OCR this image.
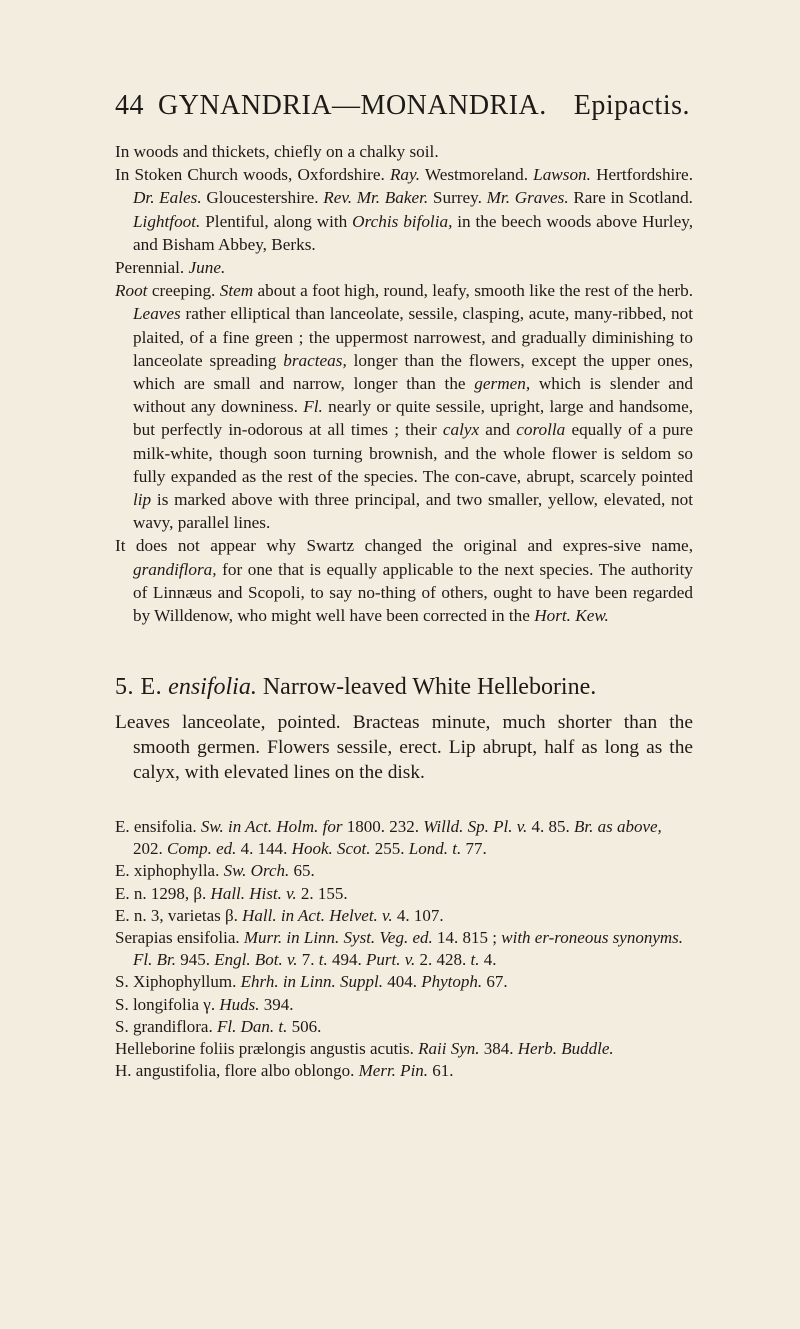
44 GYNANDRIA—MONANDRIA. Epipactis.

In woods and thickets, chiefly on a chalky soil.

In Stoken Church woods, Oxfordshire. Ray. Westmoreland. Lawson. Hertfordshire. Dr. Eales. Gloucestershire. Rev. Mr. Baker. Surrey. Mr. Graves. Rare in Scotland. Lightfoot. Plentiful, along with Orchis bifolia, in the beech woods above Hurley, and Bisham Abbey, Berks.

Perennial. June.

Root creeping. Stem about a foot high, round, leafy, smooth like the rest of the herb. Leaves rather elliptical than lanceolate, sessile, clasping, acute, many-ribbed, not plaited, of a fine green ; the uppermost narrowest, and gradually diminishing to lanceolate spreading bracteas, longer than the flowers, except the upper ones, which are small and narrow, longer than the germen, which is slender and without any downiness. Fl. nearly or quite sessile, upright, large and handsome, but perfectly in-odorous at all times ; their calyx and corolla equally of a pure milk-white, though soon turning brownish, and the whole flower is seldom so fully expanded as the rest of the species. The con-cave, abrupt, scarcely pointed lip is marked above with three principal, and two smaller, yellow, elevated, not wavy, parallel lines.

It does not appear why Swartz changed the original and expres-sive name, grandiflora, for one that is equally applicable to the next species. The authority of Linnæus and Scopoli, to say no-thing of others, ought to have been regarded by Willdenow, who might well have been corrected in the Hort. Kew.

5. E. ensifolia. Narrow-leaved White Helleborine.

Leaves lanceolate, pointed. Bracteas minute, much shorter than the smooth germen. Flowers sessile, erect. Lip abrupt, half as long as the calyx, with elevated lines on the disk.

E. ensifolia. Sw. in Act. Holm. for 1800. 232. Willd. Sp. Pl. v. 4. 85. Br. as above, 202. Comp. ed. 4. 144. Hook. Scot. 255. Lond. t. 77.

E. xiphophylla. Sw. Orch. 65.

E. n. 1298, β. Hall. Hist. v. 2. 155.

E. n. 3, varietas β. Hall. in Act. Helvet. v. 4. 107.

Serapias ensifolia. Murr. in Linn. Syst. Veg. ed. 14. 815 ; with er-roneous synonyms. Fl. Br. 945. Engl. Bot. v. 7. t. 494. Purt. v. 2. 428. t. 4.

S. Xiphophyllum. Ehrh. in Linn. Suppl. 404. Phytoph. 67.

S. longifolia γ. Huds. 394.

S. grandiflora. Fl. Dan. t. 506.

Helleborine foliis prælongis angustis acutis. Raii Syn. 384. Herb. Buddle.

H. angustifolia, flore albo oblongo. Merr. Pin. 61.
